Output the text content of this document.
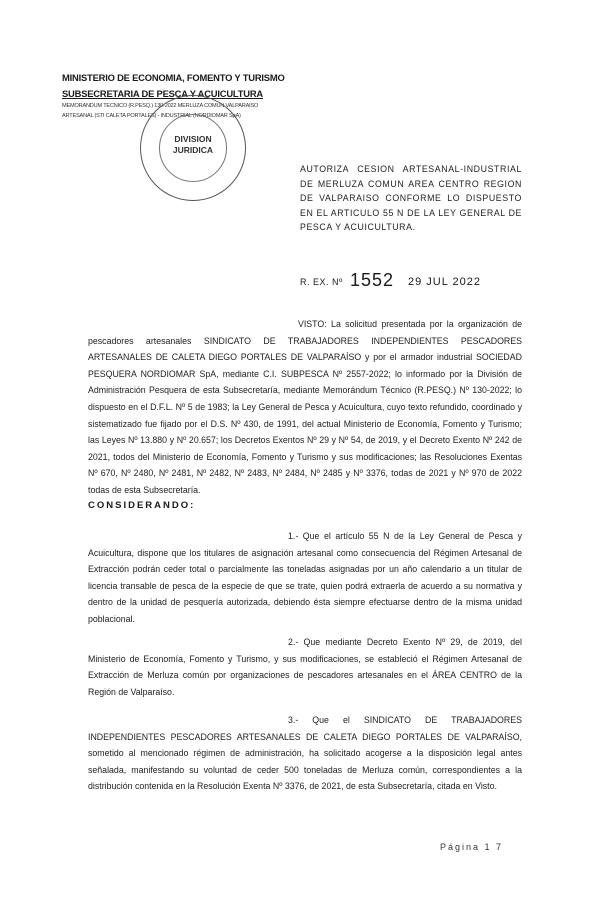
MINISTERIO DE ECONOMIA, FOMENTO Y TURISMO
SUBSECRETARIA DE PESCA Y ACUICULTURA
MEMORANDUM TECNICO (R.PESQ.) 130-2022 MERLUZA COMUN VALPARAISO
ARTESANAL (STI CALETA PORTALES) - INDUSTRIAL (NORDIOMAR SpA)
DIVISION
JURIDICA
AUTORIZA CESION ARTESANAL-INDUSTRIAL DE MERLUZA COMUN AREA CENTRO REGION DE VALPARAISO CONFORME LO DISPUESTO EN EL ARTICULO 55 N DE LA LEY GENERAL DE PESCA Y ACUICULTURA.
R. EX. Nº 1552 29 JUL 2022
VISTO: La solicitud presentada por la organización de pescadores artesanales SINDICATO DE TRABAJADORES INDEPENDIENTES PESCADORES ARTESANALES DE CALETA DIEGO PORTALES DE VALPARAÍSO y por el armador industrial SOCIEDAD PESQUERA NORDIOMAR SpA, mediante C.I. SUBPESCA Nº 2557-2022; lo informado por la División de Administración Pesquera de esta Subsecretaría, mediante Memorándum Técnico (R.PESQ.) Nº 130-2022; lo dispuesto en el D.F.L. Nº 5 de 1983; la Ley General de Pesca y Acuicultura, cuyo texto refundido, coordinado y sistematizado fue fijado por el D.S. Nº 430, de 1991, del actual Ministerio de Economía, Fomento y Turismo; las Leyes Nº 13.880 y Nº 20.657; los Decretos Exentos Nº 29 y Nº 54, de 2019, y el Decreto Exento Nº 242 de 2021, todos del Ministerio de Economía, Fomento y Turismo y sus modificaciones; las Resoluciones Exentas Nº 670, Nº 2480, Nº 2481, Nº 2482, Nº 2483, Nº 2484, Nº 2485 y Nº 3376, todas de 2021 y Nº 970 de 2022 todas de esta Subsecretaría.
CONSIDERANDO:
1.- Que el artículo 55 N de la Ley General de Pesca y Acuicultura, dispone que los titulares de asignación artesanal como consecuencia del Régimen Artesanal de Extracción podrán ceder total o parcialmente las toneladas asignadas por un año calendario a un titular de licencia transable de pesca de la especie de que se trate, quien podrá extraerla de acuerdo a su normativa y dentro de la unidad de pesquería autorizada, debiendo ésta siempre efectuarse dentro de la misma unidad poblacional.
2.- Que mediante Decreto Exento Nº 29, de 2019, del Ministerio de Economía, Fomento y Turismo, y sus modificaciones, se estableció el Régimen Artesanal de Extracción de Merluza común por organizaciones de pescadores artesanales en el ÁREA CENTRO de la Región de Valparaíso.
3.- Que el SINDICATO DE TRABAJADORES INDEPENDIENTES PESCADORES ARTESANALES DE CALETA DIEGO PORTALES DE VALPARAÍSO, sometido al mencionado régimen de administración, ha solicitado acogerse a la disposición legal antes señalada, manifestando su voluntad de ceder 500 toneladas de Merluza común, correspondientes a la distribución contenida en la Resolución Exenta Nº 3376, de 2021, de esta Subsecretaría, citada en Visto.
Página 1 7
